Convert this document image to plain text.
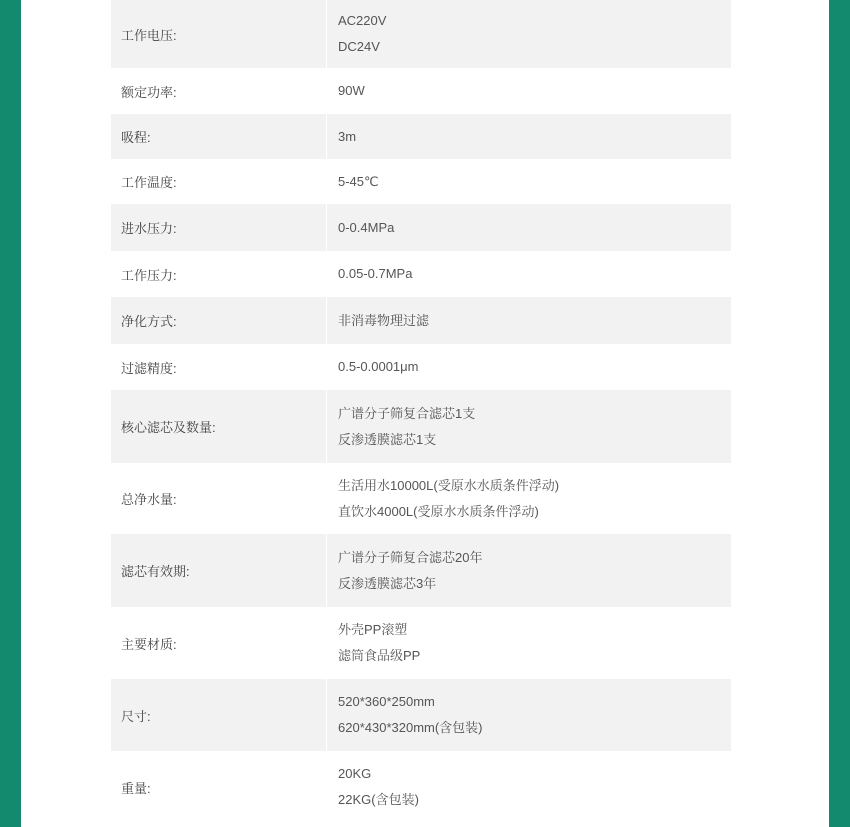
工作电压:
AC220V
DC24V
额定功率:	90W
吸程:	3m
工作温度:	5-45℃
进水压力:	0-0.4MPa
工作压力:	0.05-0.7MPa
净化方式:	非消毒物理过滤
过滤精度:	0.5-0.0001μm
核心滤芯及数量:
广谱分子筛复合滤芯1支
反渗透膜滤芯1支
总净水量:
生活用水10000L(受原水水质条件浮动)
直饮水4000L(受原水水质条件浮动)
滤芯有效期:
广谱分子筛复合滤芯20年
反渗透膜滤芯3年
主要材质:
外壳PP滚塑
滤筒食品级PP
尺寸:
520*360*250mm
620*430*320mm(含包装)
重量:
20KG
22KG(含包装)
